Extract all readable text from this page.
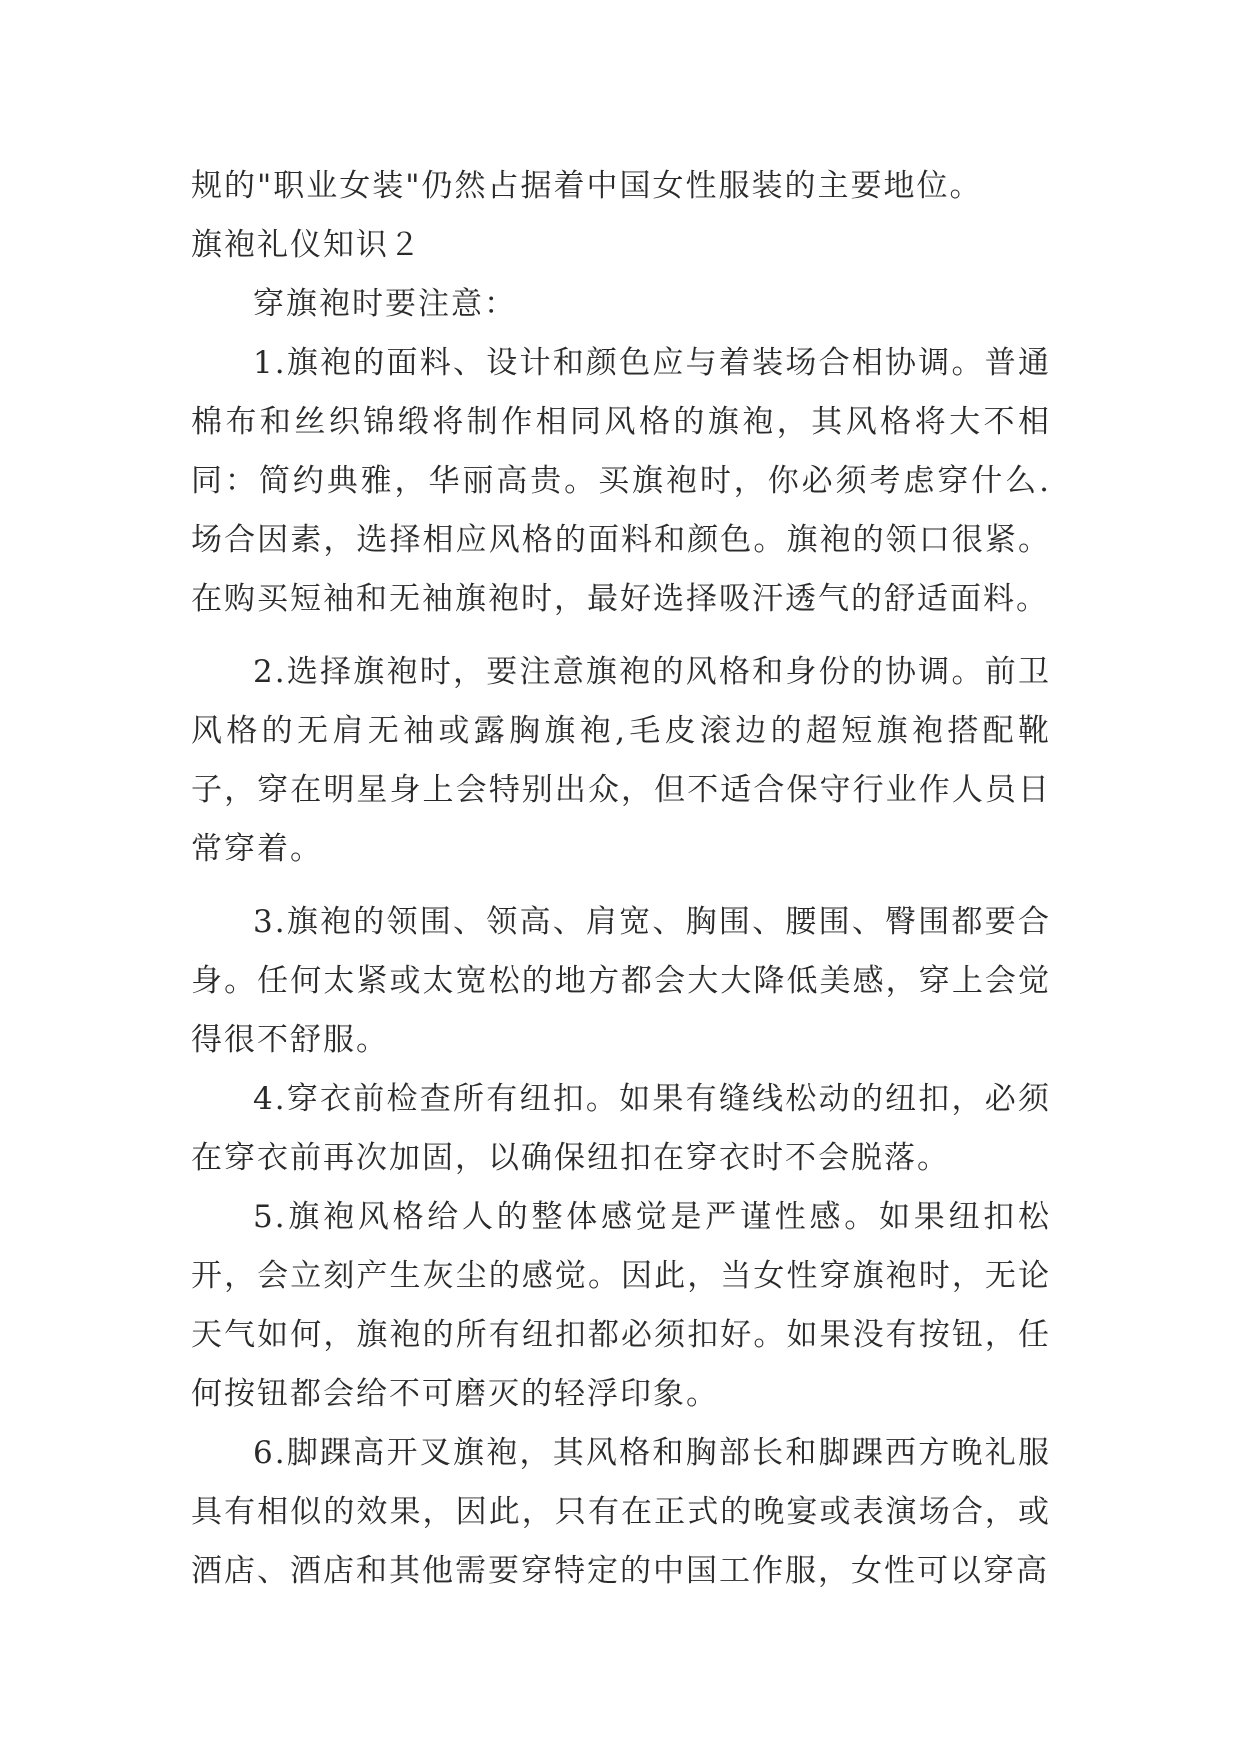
规的"职业女装"仍然占据着中国女性服装的主要地位。

旗袍礼仪知识２

穿旗袍时要注意：

1.旗袍的面料、设计和颜色应与着装场合相协调。普通棉布和丝织锦缎将制作相同风格的旗袍，其风格将大不相同：简约典雅，华丽高贵。买旗袍时，你必须考虑穿什么.场合因素，选择相应风格的面料和颜色。旗袍的领口很紧。在购买短袖和无袖旗袍时，最好选择吸汗透气的舒适面料。

2.选择旗袍时，要注意旗袍的风格和身份的协调。前卫风格的无肩无袖或露胸旗袍,毛皮滚边的超短旗袍搭配靴子，穿在明星身上会特别出众，但不适合保守行业作人员日常穿着。

3.旗袍的领围、领高、肩宽、胸围、腰围、臀围都要合身。任何太紧或太宽松的地方都会大大降低美感，穿上会觉得很不舒服。

4.穿衣前检查所有纽扣。如果有缝线松动的纽扣，必须在穿衣前再次加固，以确保纽扣在穿衣时不会脱落。

5.旗袍风格给人的整体感觉是严谨性感。如果纽扣松开，会立刻产生灰尘的感觉。因此，当女性穿旗袍时，无论天气如何，旗袍的所有纽扣都必须扣好。如果没有按钮，任何按钮都会给不可磨灭的轻浮印象。

6.脚踝高开叉旗袍，其风格和胸部长和脚踝西方晚礼服具有相似的效果，因此，只有在正式的晚宴或表演场合，或酒店、酒店和其他需要穿特定的中国工作服，女性可以穿高
